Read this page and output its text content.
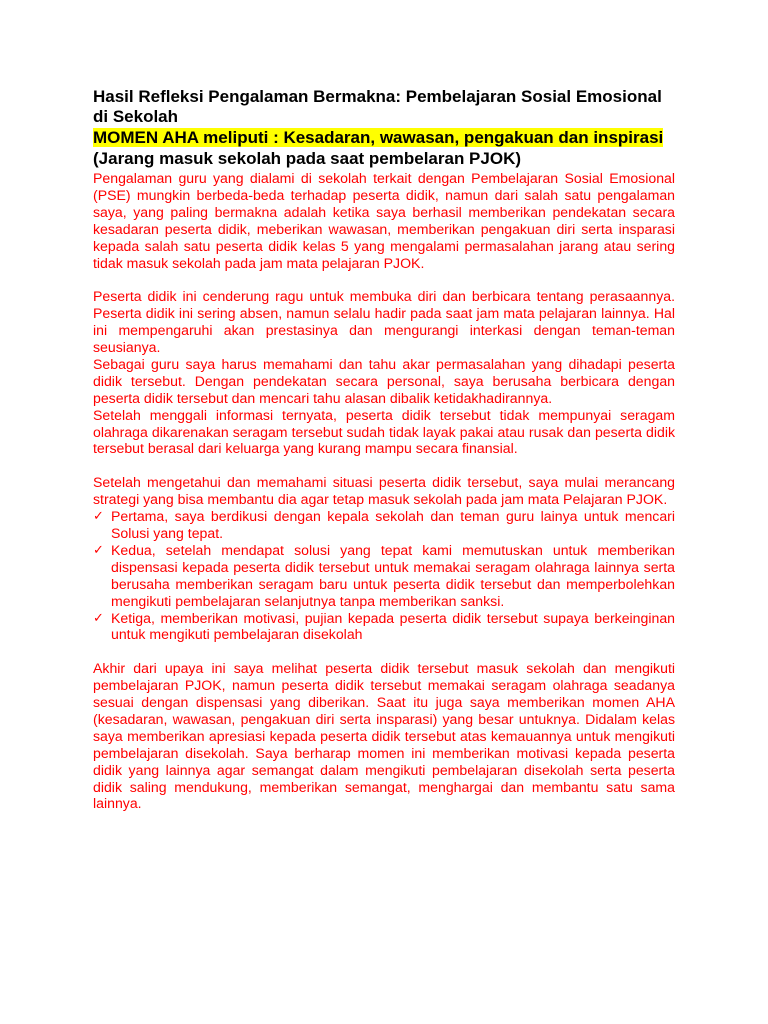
Hasil Refleksi Pengalaman Bermakna: Pembelajaran Sosial Emosional di Sekolah
MOMEN AHA meliputi : Kesadaran, wawasan, pengakuan dan inspirasi (Jarang masuk sekolah pada saat pembelaran PJOK)

Pengalaman guru yang dialami di sekolah terkait dengan Pembelajaran Sosial Emosional (PSE) mungkin berbeda-beda terhadap peserta didik, namun dari salah satu pengalaman saya, yang paling bermakna adalah ketika saya berhasil memberikan pendekatan secara kesadaran peserta didik, meberikan wawasan, memberikan pengakuan diri serta insparasi kepada salah satu peserta didik kelas 5 yang mengalami permasalahan jarang atau sering tidak masuk sekolah pada jam mata pelajaran PJOK.

Peserta didik ini cenderung ragu untuk membuka diri dan berbicara tentang perasaannya. Peserta didik ini sering absen, namun selalu hadir pada saat jam mata pelajaran lainnya. Hal ini mempengaruhi akan prestasinya dan mengurangi interkasi dengan teman-teman seusianya.

Sebagai guru saya harus memahami dan tahu akar permasalahan yang dihadapi peserta didik tersebut. Dengan pendekatan secara personal, saya berusaha berbicara dengan peserta didik tersebut dan mencari tahu alasan dibalik ketidakhadirannya.

Setelah menggali informasi ternyata, peserta didik tersebut tidak mempunyai seragam olahraga dikarenakan seragam tersebut sudah tidak layak pakai atau rusak dan peserta didik tersebut berasal dari keluarga yang kurang mampu secara finansial.

Setelah mengetahui dan memahami situasi peserta didik tersebut, saya mulai merancang strategi yang bisa membantu dia agar tetap masuk sekolah pada jam mata Pelajaran PJOK.

✓ Pertama, saya berdikusi dengan kepala sekolah dan teman guru lainya untuk mencari Solusi yang tepat.
✓ Kedua, setelah mendapat solusi yang tepat kami memutuskan untuk memberikan dispensasi kepada peserta didik tersebut untuk memakai seragam olahraga lainnya serta berusaha memberikan seragam baru untuk peserta didik tersebut dan memperbolehkan mengikuti pembelajaran selanjutnya tanpa memberikan sanksi.
✓ Ketiga, memberikan motivasi, pujian kepada peserta didik tersebut supaya berkeinginan untuk mengikuti pembelajaran disekolah

Akhir dari upaya ini saya melihat peserta didik tersebut masuk sekolah dan mengikuti pembelajaran PJOK, namun peserta didik tersebut memakai seragam olahraga seadanya sesuai dengan dispensasi yang diberikan. Saat itu juga saya memberikan momen AHA (kesadaran, wawasan, pengakuan diri serta insparasi) yang besar untuknya. Didalam kelas saya memberikan apresiasi kepada peserta didik tersebut atas kemauannya untuk mengikuti pembelajaran disekolah. Saya berharap momen ini memberikan motivasi kepada peserta didik yang lainnya agar semangat dalam mengikuti pembelajaran disekolah serta peserta didik saling mendukung, memberikan semangat, menghargai dan membantu satu sama lainnya.
